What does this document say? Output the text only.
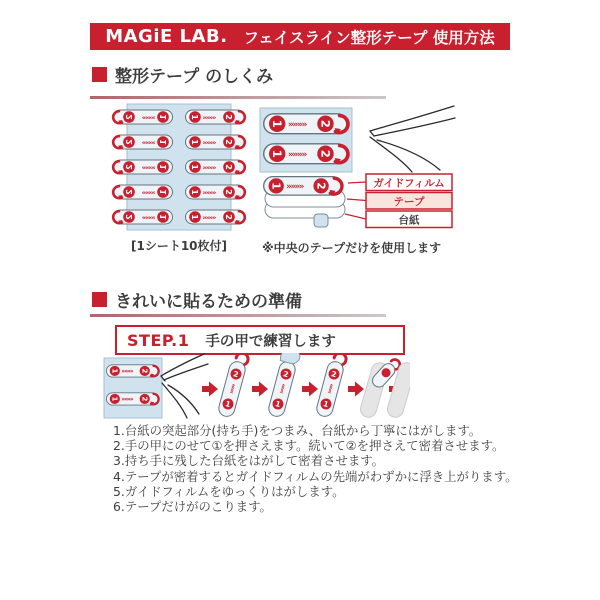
MAGiE LAB. フェイスライン整形テープ 使用方法
整形テープ のしくみ
[1シート10枚付]
ガイドフィルム
テープ
台紙
※中央のテープだけを使用します
きれいに貼るための準備
STEP.1 手の甲で練習します
1.台紙の突起部分(持ち手)をつまみ、台紙から丁寧にはがします。
2.手の甲にのせて①を押さえます。続いて②を押さえて密着させます。
3.持ち手に残した台紙をはがして密着させます。
4.テープが密着するとガイドフィルムの先端がわずかに浮き上がります。
5.ガイドフィルムをゆっくりはがします。
6.テープだけがのこります。
